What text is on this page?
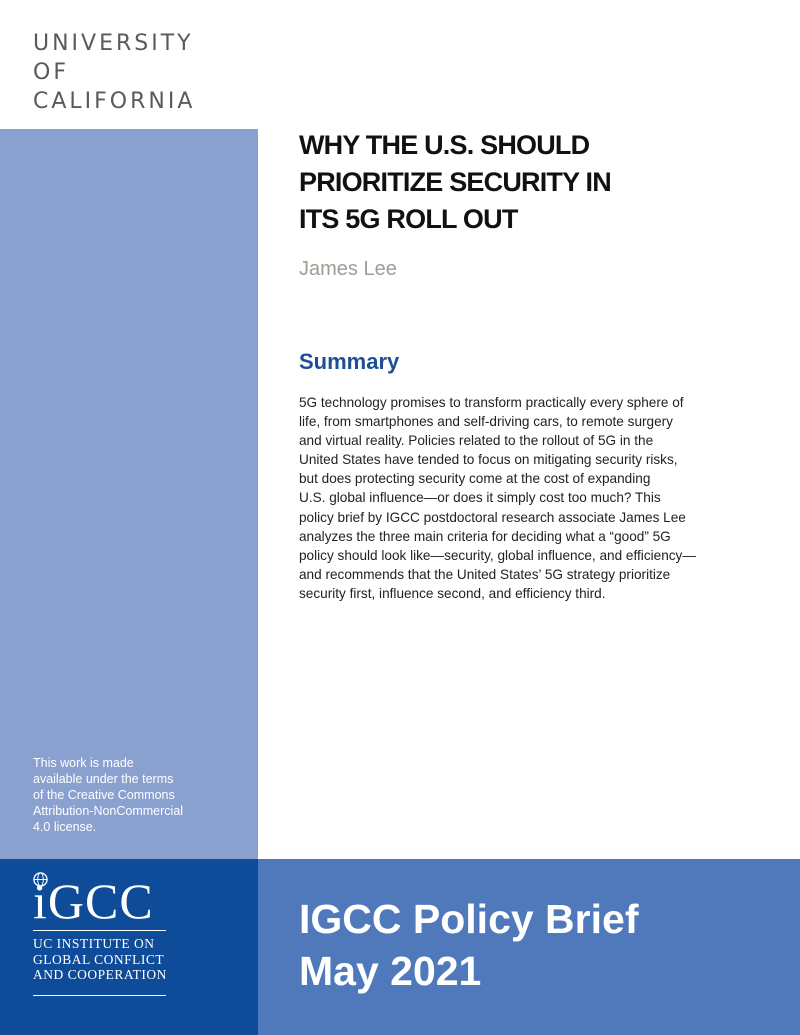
UNIVERSITY
OF
CALIFORNIA
This work is made
available under the terms
of the Creative Commons
Attribution-NonCommercial
4.0 license.
WHY THE U.S. SHOULD
PRIORITIZE SECURITY IN
ITS 5G ROLL OUT
James Lee
Summary
5G technology promises to transform practically every sphere of
life, from smartphones and self-driving cars, to remote surgery
and virtual reality. Policies related to the rollout of 5G in the
United States have tended to focus on mitigating security risks,
but does protecting security come at the cost of expanding
U.S. global influence—or does it simply cost too much? This
policy brief by IGCC postdoctoral research associate James Lee
analyzes the three main criteria for deciding what a “good” 5G
policy should look like—security, global influence, and efficiency—
and recommends that the United States’ 5G strategy prioritize
security first, influence second, and efficiency third.
iGCC
UC INSTITUTE ON
GLOBAL CONFLICT
AND COOPERATION
IGCC Policy Brief
May 2021
